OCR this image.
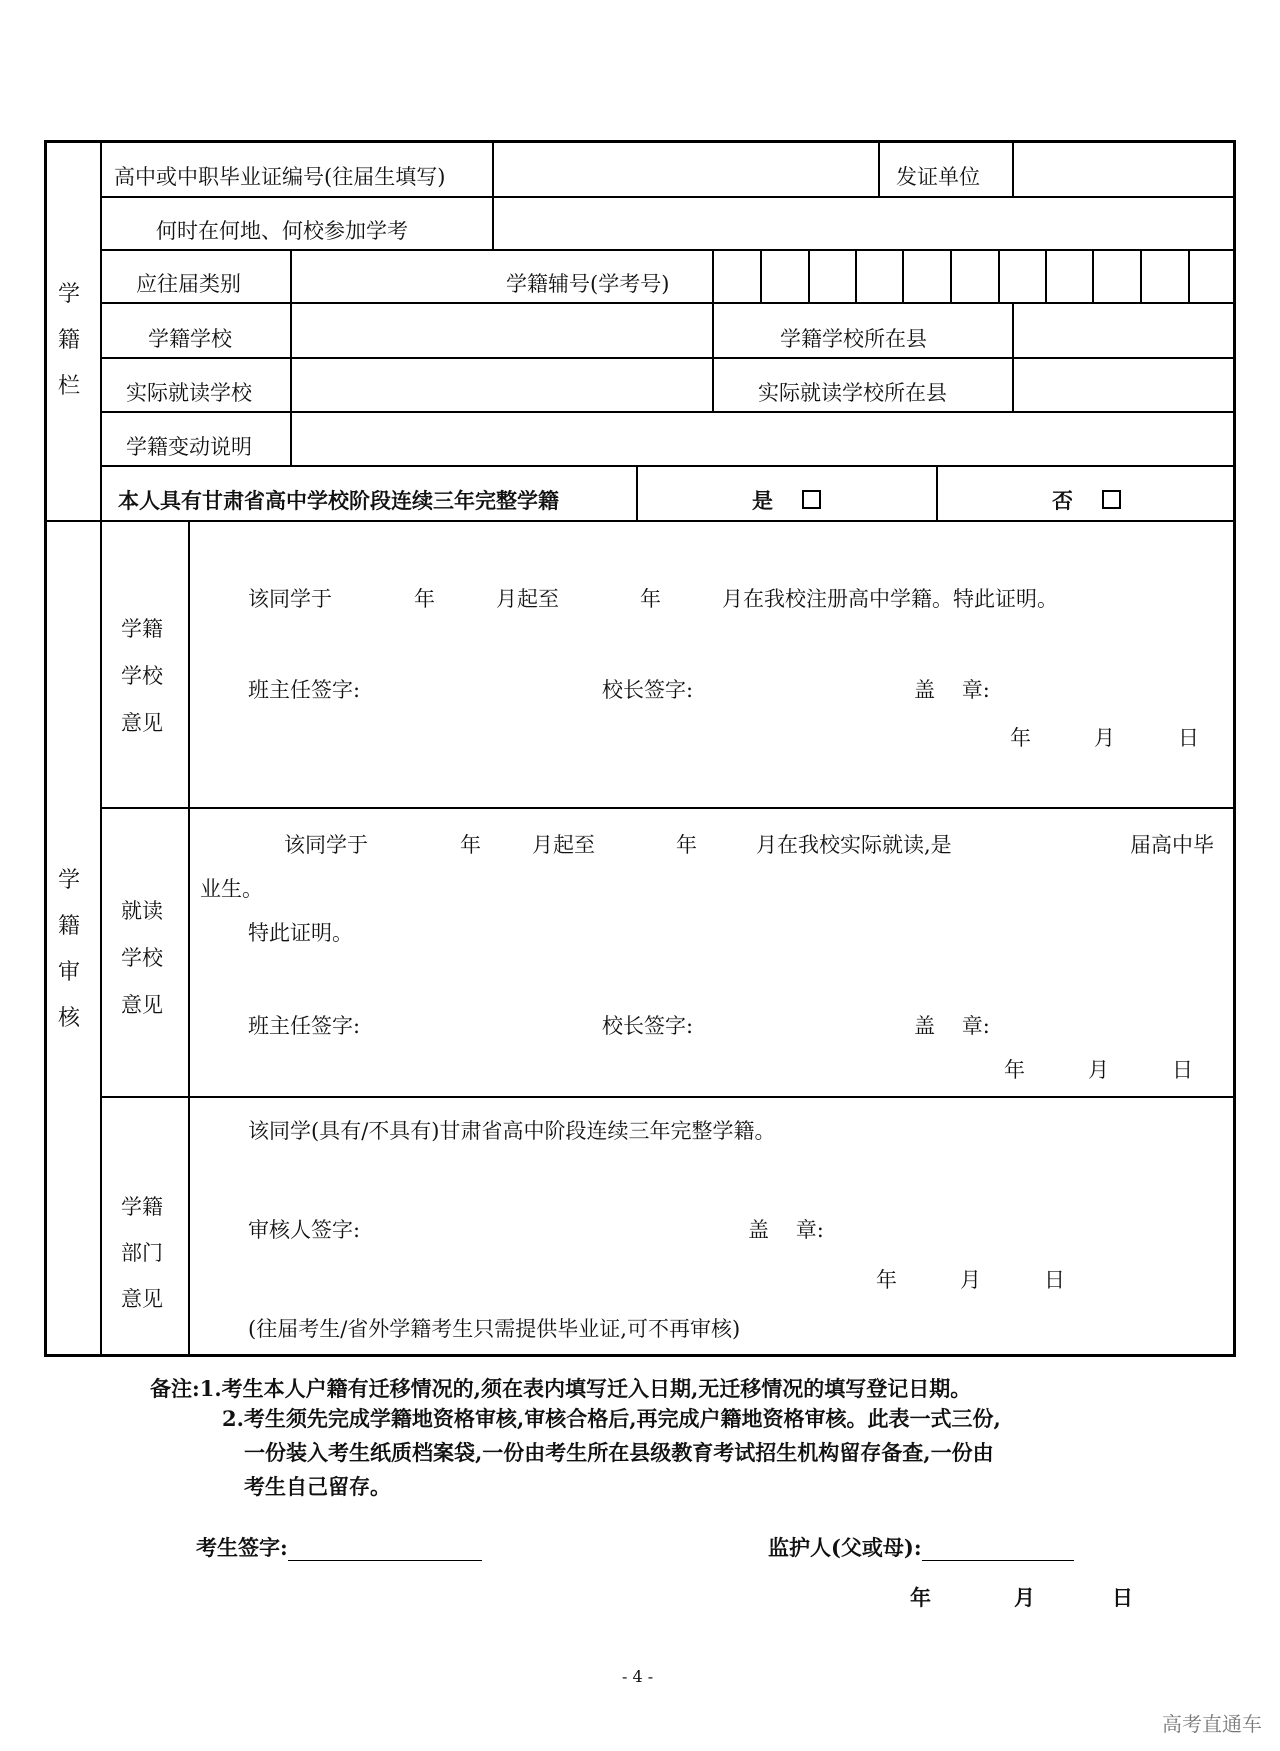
学
籍
栏
学
籍
审
核
高中或中职毕业证编号(往届生填写)	发证单位
何时在何地、何校参加学考
应往届类别	学籍辅号(学考号)
学籍学校	学籍学校所在县
实际就读学校	实际就读学校所在县
学籍变动说明
本人具有甘肃省高中学校阶段连续三年完整学籍	是	否
学籍
学校
意见
该同学于	年	月起至	年	月在我校注册高中学籍。特此证明。
班主任签字:	校长签字:	盖    章:
年	月	日
就读
学校
意见
该同学于	年 月起至	年	月在我校实际就读,是	届高中毕
业生。
特此证明。
班主任签字:	校长签字:	盖    章:
年	月	日
学籍
部门
意见
该同学(具有/不具有)甘肃省高中阶段连续三年完整学籍。
审核人签字:	盖    章:
年	月	日
(往届考生/省外学籍考生只需提供毕业证,可不再审核)
备注:1.考生本人户籍有迁移情况的,须在表内填写迁入日期,无迁移情况的填写登记日期。
2.考生须先完成学籍地资格审核,审核合格后,再完成户籍地资格审核。此表一式三份,
一份装入考生纸质档案袋,一份由考生所在县级教育考试招生机构留存备查,一份由
考生自己留存。
考生签字:	监护人(父或母):
年	月	日
- 4 -
高考直通车
